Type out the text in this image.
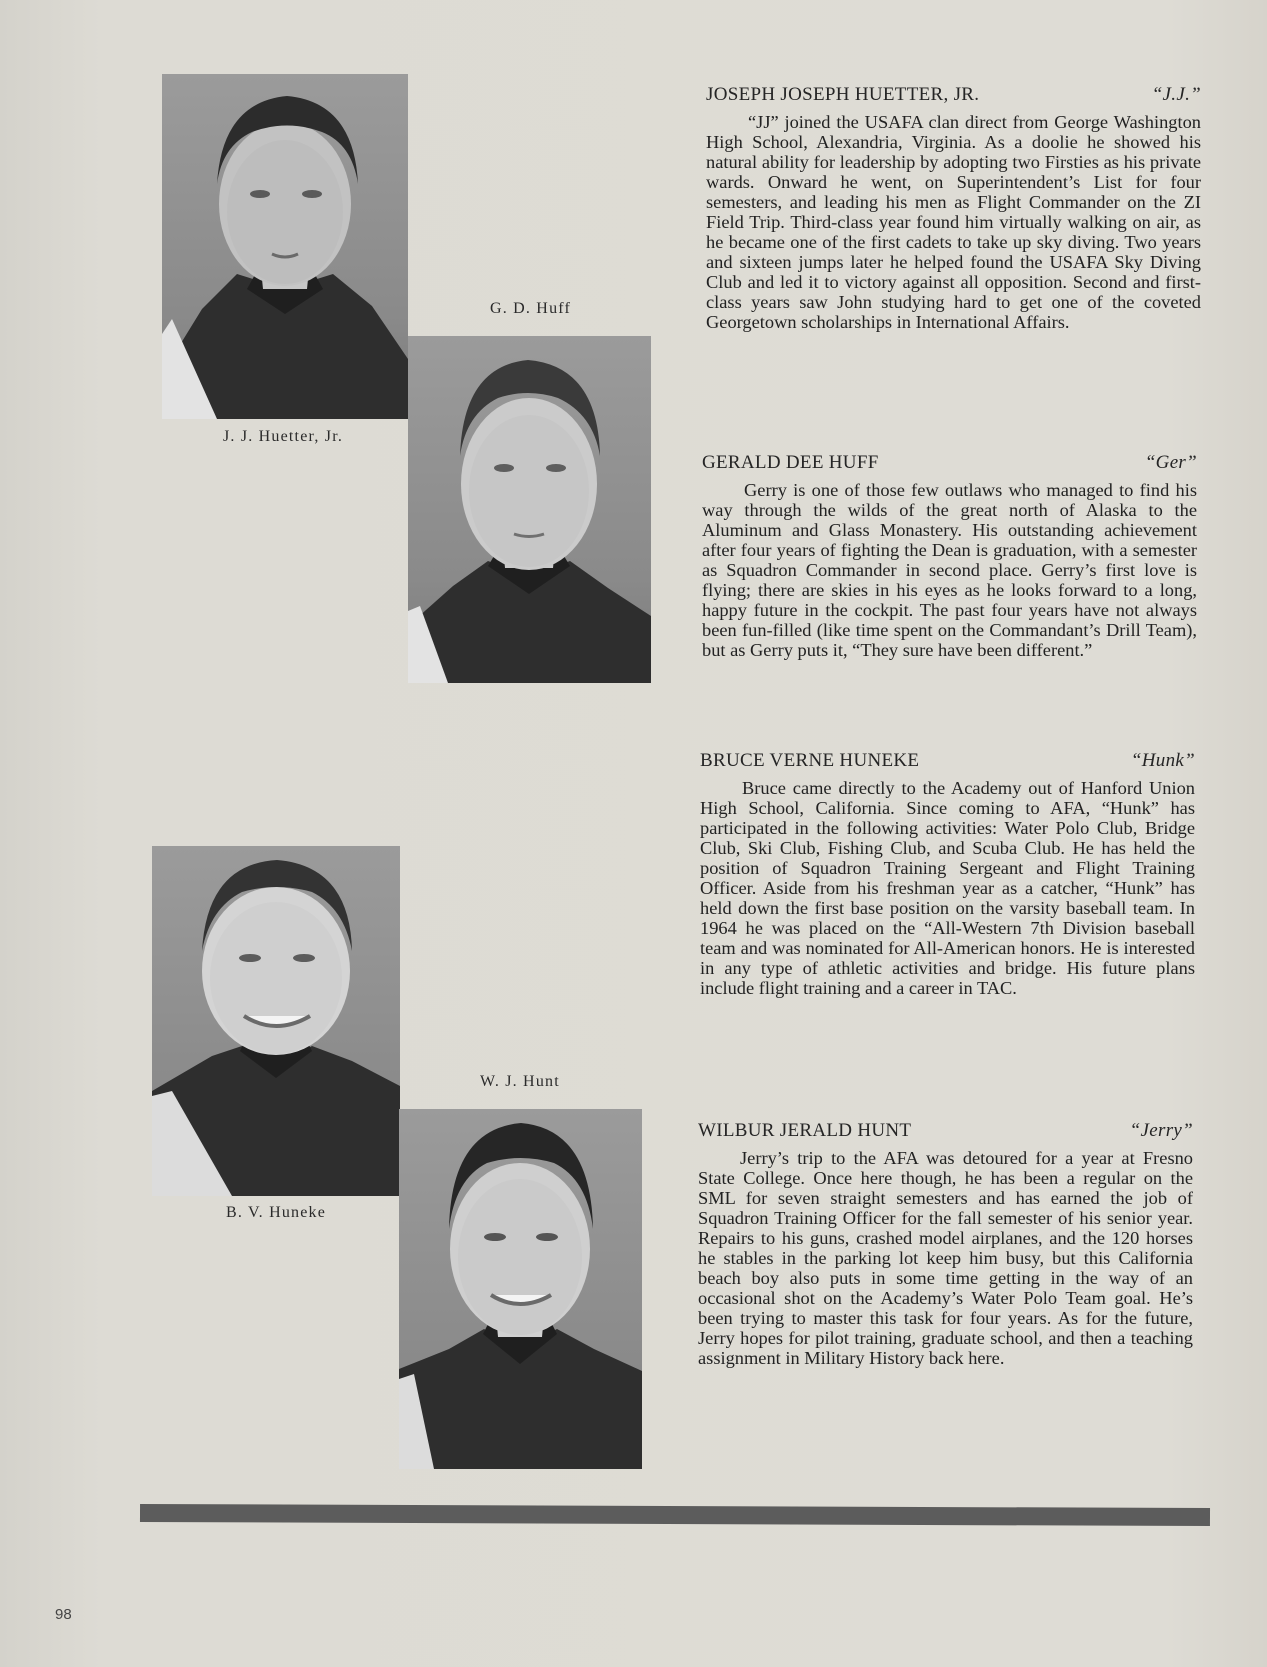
J. J. Huetter, Jr.
G. D. Huff
B. V. Huneke
W. J. Hunt
JOSEPH JOSEPH HUETTER, JR.	“J.J.”

“JJ” joined the USAFA clan direct from George Washington High School, Alexandria, Virginia. As a doolie he showed his natural ability for leadership by adopting two Firsties as his private wards. Onward he went, on Superintendent’s List for four semesters, and leading his men as Flight Commander on the ZI Field Trip. Third-class year found him virtually walking on air, as he became one of the first cadets to take up sky diving. Two years and sixteen jumps later he helped found the USAFA Sky Diving Club and led it to victory against all opposition. Second and first-class years saw John studying hard to get one of the coveted Georgetown scholarships in International Affairs.

GERALD DEE HUFF	“Ger”

Gerry is one of those few outlaws who managed to find his way through the wilds of the great north of Alaska to the Aluminum and Glass Monastery. His outstanding achievement after four years of fighting the Dean is graduation, with a semester as Squadron Commander in second place. Gerry’s first love is flying; there are skies in his eyes as he looks forward to a long, happy future in the cockpit. The past four years have not always been fun-filled (like time spent on the Commandant’s Drill Team), but as Gerry puts it, “They sure have been different.”

BRUCE VERNE HUNEKE	“Hunk”

Bruce came directly to the Academy out of Hanford Union High School, California. Since coming to AFA, “Hunk” has participated in the following activities: Water Polo Club, Bridge Club, Ski Club, Fishing Club, and Scuba Club. He has held the position of Squadron Training Sergeant and Flight Training Officer. Aside from his freshman year as a catcher, “Hunk” has held down the first base position on the varsity baseball team. In 1964 he was placed on the “All-Western 7th Division baseball team and was nominated for All-American honors. He is interested in any type of athletic activities and bridge. His future plans include flight training and a career in TAC.

WILBUR JERALD HUNT	“Jerry”

Jerry’s trip to the AFA was detoured for a year at Fresno State College. Once here though, he has been a regular on the SML for seven straight semesters and has earned the job of Squadron Training Officer for the fall semester of his senior year. Repairs to his guns, crashed model airplanes, and the 120 horses he stables in the parking lot keep him busy, but this California beach boy also puts in some time getting in the way of an occasional shot on the Academy’s Water Polo Team goal. He’s been trying to master this task for four years. As for the future, Jerry hopes for pilot training, graduate school, and then a teaching assignment in Military History back here.

98
